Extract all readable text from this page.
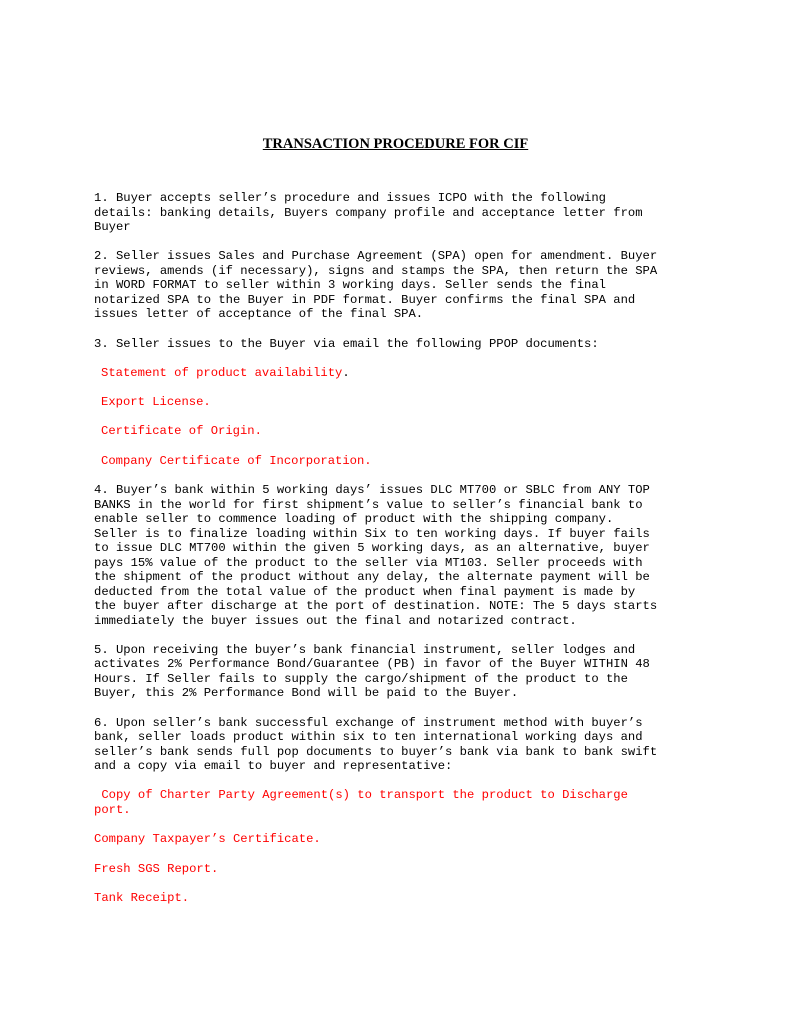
TRANSACTION PROCEDURE FOR CIF

1. Buyer accepts seller’s procedure and issues ICPO with the following
details: banking details, Buyers company profile and acceptance letter from
Buyer

2. Seller issues Sales and Purchase Agreement (SPA) open for amendment. Buyer
reviews, amends (if necessary), signs and stamps the SPA, then return the SPA
in WORD FORMAT to seller within 3 working days. Seller sends the final
notarized SPA to the Buyer in PDF format. Buyer confirms the final SPA and
issues letter of acceptance of the final SPA.

3. Seller issues to the Buyer via email the following PPOP documents:

Statement of product availability.

Export License.

Certificate of Origin.

Company Certificate of Incorporation.

4. Buyer’s bank within 5 working days’ issues DLC MT700 or SBLC from ANY TOP
BANKS in the world for first shipment’s value to seller’s financial bank to
enable seller to commence loading of product with the shipping company.
Seller is to finalize loading within Six to ten working days. If buyer fails
to issue DLC MT700 within the given 5 working days, as an alternative, buyer
pays 15% value of the product to the seller via MT103. Seller proceeds with
the shipment of the product without any delay, the alternate payment will be
deducted from the total value of the product when final payment is made by
the buyer after discharge at the port of destination. NOTE: The 5 days starts
immediately the buyer issues out the final and notarized contract.

5. Upon receiving the buyer’s bank financial instrument, seller lodges and
activates 2% Performance Bond/Guarantee (PB) in favor of the Buyer WITHIN 48
Hours. If Seller fails to supply the cargo/shipment of the product to the
Buyer, this 2% Performance Bond will be paid to the Buyer.

6. Upon seller’s bank successful exchange of instrument method with buyer’s
bank, seller loads product within six to ten international working days and
seller’s bank sends full pop documents to buyer’s bank via bank to bank swift
and a copy via email to buyer and representative:

Copy of Charter Party Agreement(s) to transport the product to Discharge
port.

Company Taxpayer’s Certificate.

Fresh SGS Report.

Tank Receipt.
